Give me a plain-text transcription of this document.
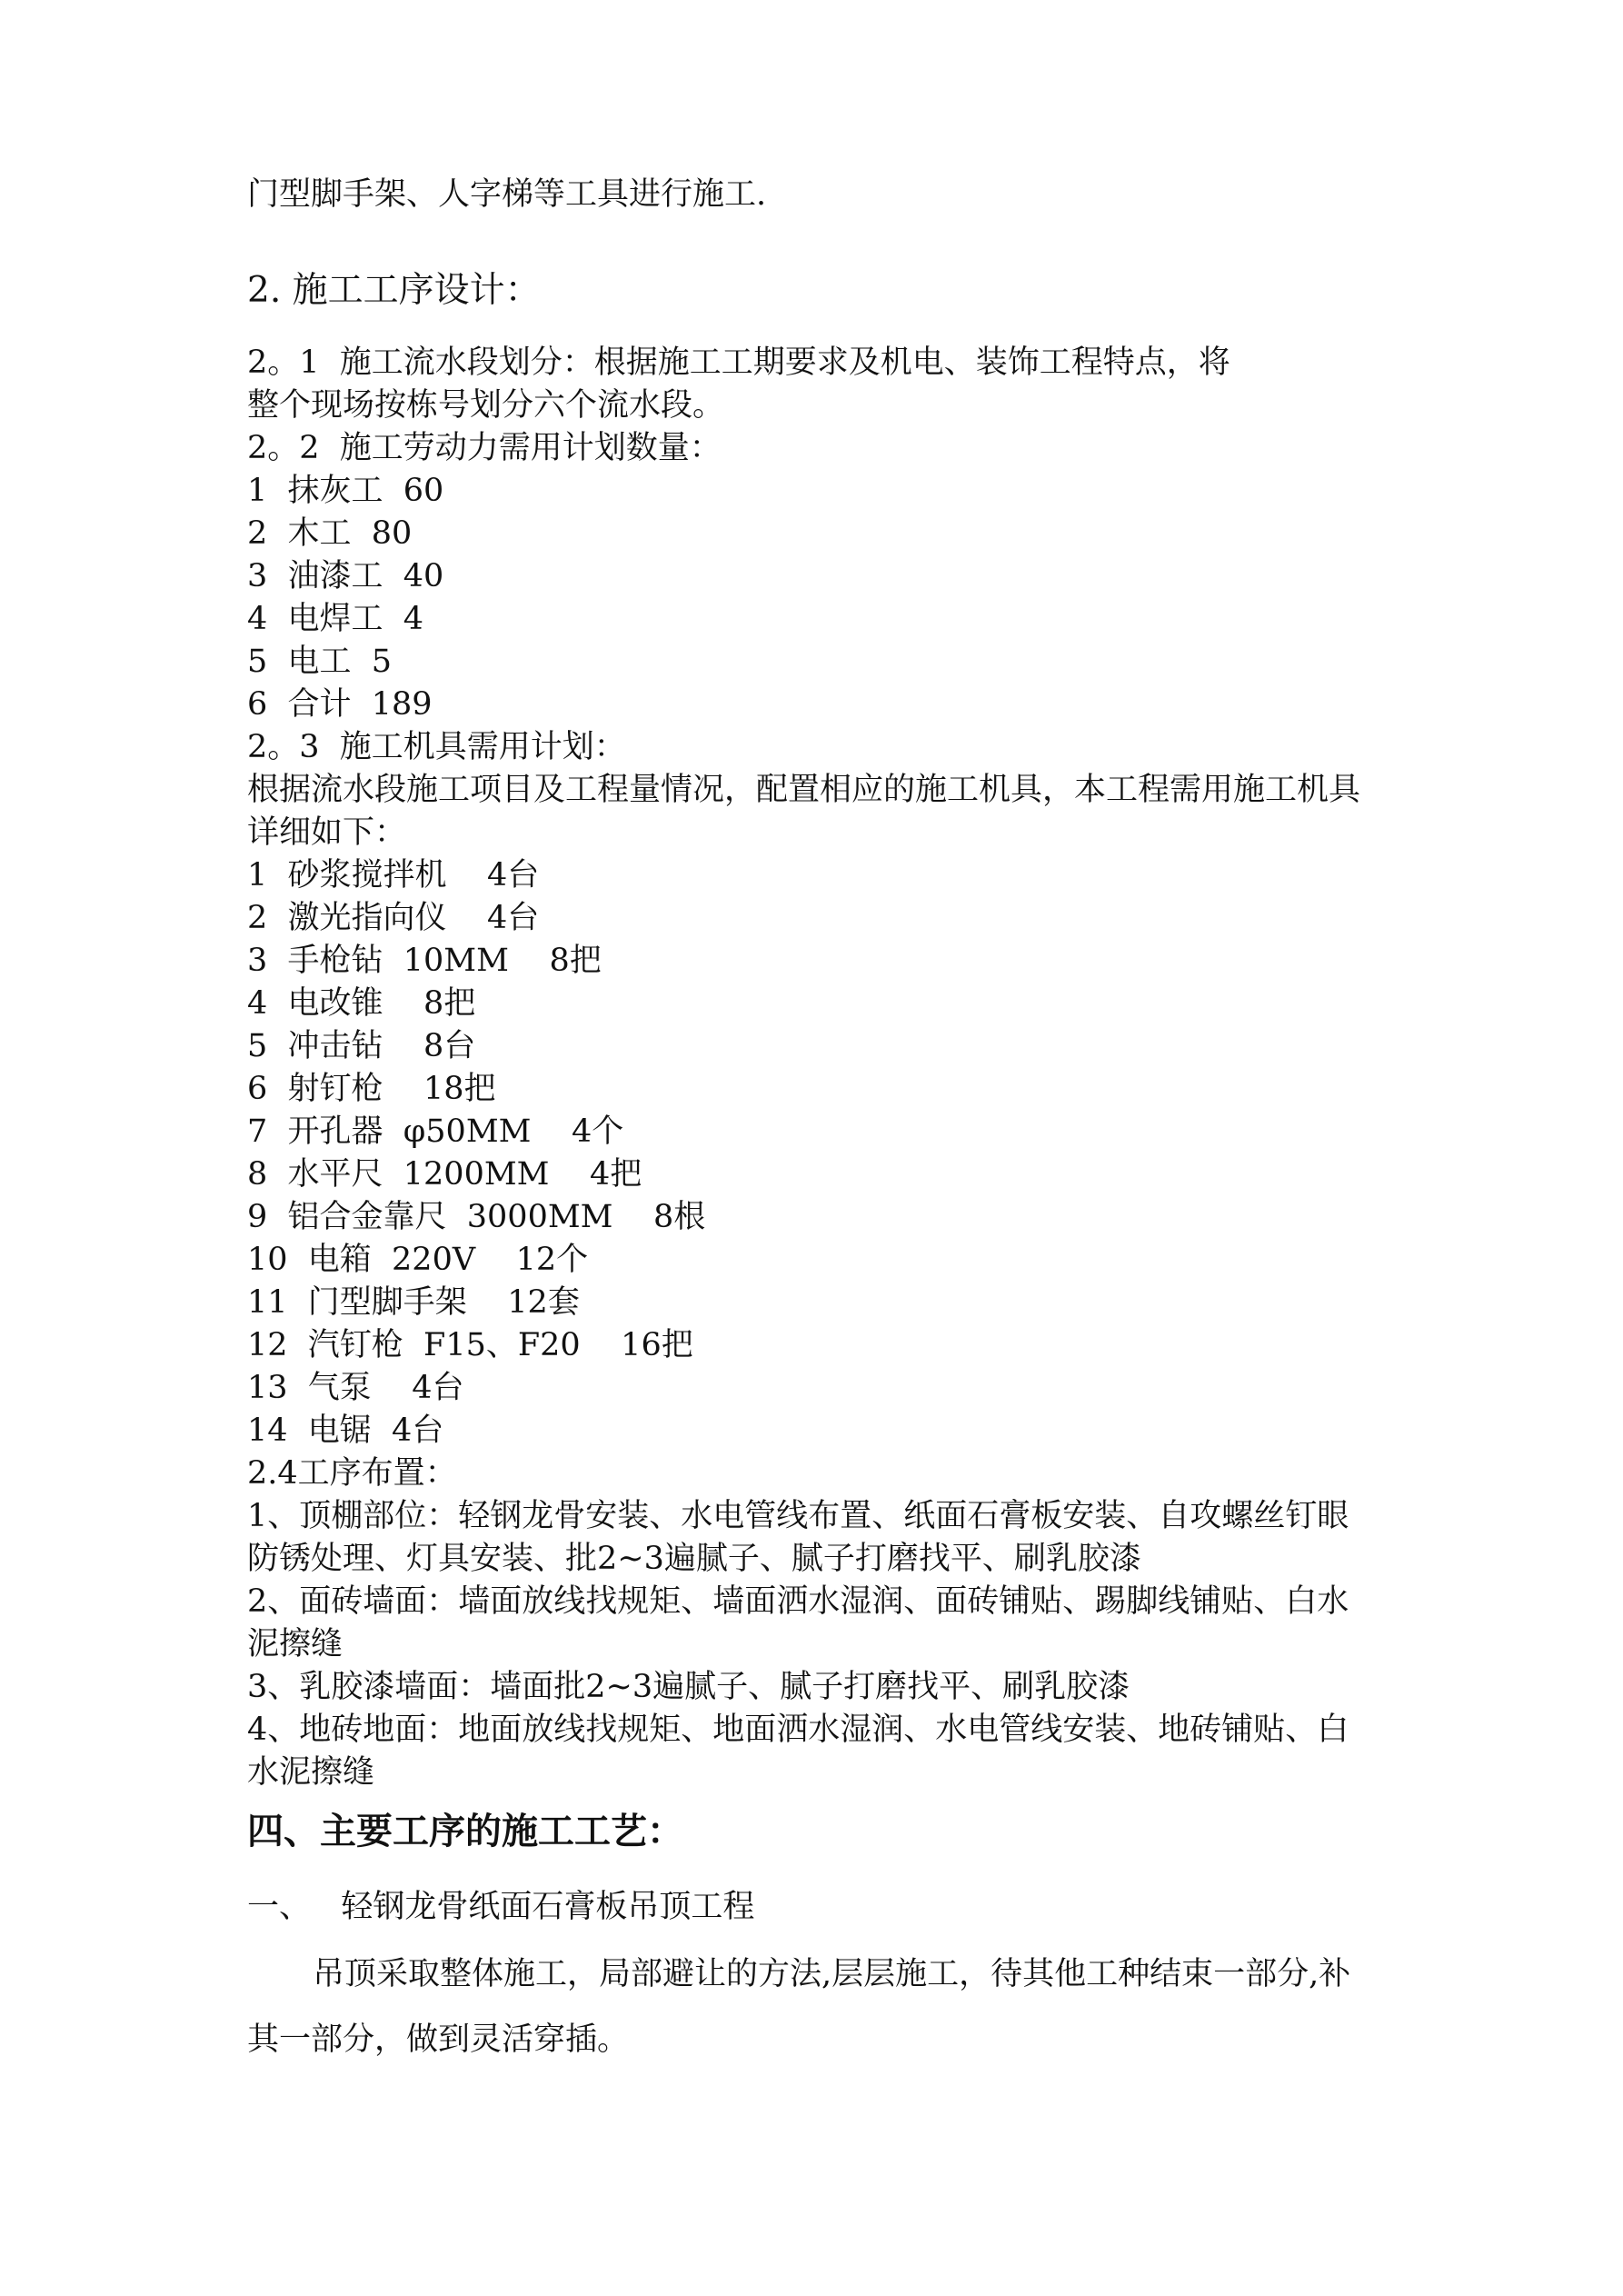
门型脚手架、人字梯等工具进行施工.
2. 施工工序设计：
2。1  施工流水段划分：根据施工工期要求及机电、装饰工程特点，将
整个现场按栋号划分六个流水段。
2。2  施工劳动力需用计划数量：
1  抹灰工  60
2  木工  80
3  油漆工  40
4  电焊工  4
5  电工  5
6  合计  189
2。3  施工机具需用计划：
根据流水段施工项目及工程量情况，配置相应的施工机具，本工程需用施工机具
详细如下：
1  砂浆搅拌机    4台
2  激光指向仪    4台
3  手枪钻  10MM    8把
4  电改锥    8把
5  冲击钻    8台
6  射钉枪    18把
7  开孔器  φ50MM    4个
8  水平尺  1200MM    4把
9  铝合金靠尺  3000MM    8根
10  电箱  220V    12个
11  门型脚手架    12套
12  汽钉枪  F15、F20    16把
13  气泵    4台
14  电锯  4台
2.4工序布置：
1、顶棚部位：轻钢龙骨安装、水电管线布置、纸面石膏板安装、自攻螺丝钉眼
防锈处理、灯具安装、批2~3遍腻子、腻子打磨找平、刷乳胶漆
2、面砖墙面：墙面放线找规矩、墙面洒水湿润、面砖铺贴、踢脚线铺贴、白水
泥擦缝
3、乳胶漆墙面：墙面批2~3遍腻子、腻子打磨找平、刷乳胶漆
4、地砖地面：地面放线找规矩、地面洒水湿润、水电管线安装、地砖铺贴、白
水泥擦缝
四、主要工序的施工工艺：
一、   轻钢龙骨纸面石膏板吊顶工程
吊顶采取整体施工，局部避让的方法,层层施工，待其他工种结束一部分,补
其一部分，做到灵活穿插。
